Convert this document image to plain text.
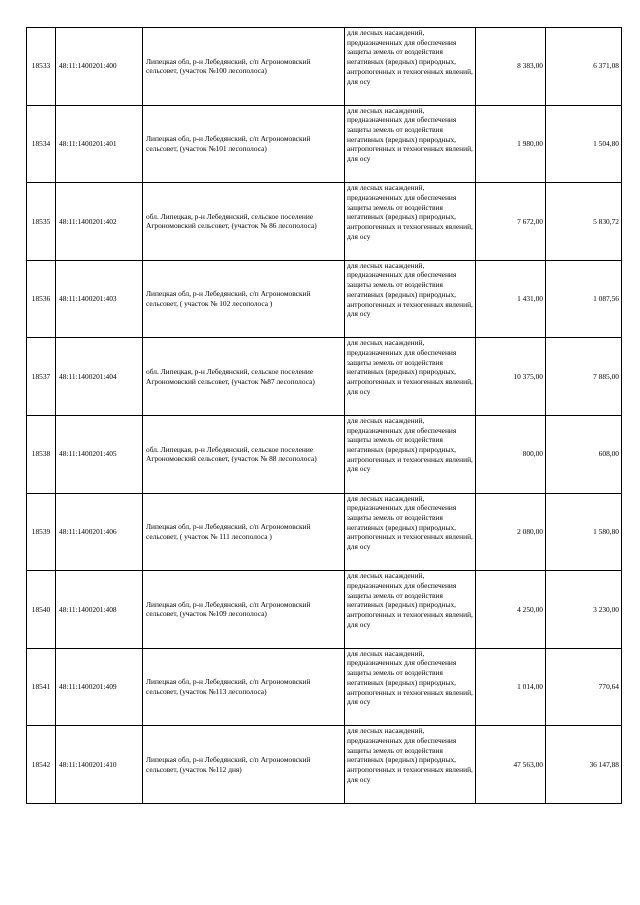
18533	48:11:1400201:400	Липецкая обл, р-н Лебедянский, с/п Агрономовский сельсовет, (участок №100 лесополоса)	для лесных насаждений, предназначенных для обеспечения защиты земель от воздействия негативных (вредных) природных, антропогенных и техногенных явлений, для осу	8 383,00	6 371,08
18534	48:11:1400201:401	Липецкая обл, р-н Лебедянский, с/п Агрономовский сельсовет, (участок №101 лесополоса)	для лесных насаждений, предназначенных для обеспечения защиты земель от воздействия негативных (вредных) природных, антропогенных и техногенных явлений, для осу	1 980,00	1 504,80
18535	48:11:1400201:402	обл. Липецкая, р-н Лебедянский, сельское поселение Агрономовский сельсовет, (участок № 86 лесополоса)	для лесных насаждений, предназначенных для обеспечения защиты земель от воздействия негативных (вредных) природных, антропогенных и техногенных явлений, для осу	7 672,00	5 830,72
18536	48:11:1400201:403	Липецкая обл, р-н Лебедянский, с/п Агрономовский сельсовет, ( участок № 102 лесополоса )	для лесных насаждений, предназначенных для обеспечения защиты земель от воздействия негативных (вредных) природных, антропогенных и техногенных явлений, для осу	1 431,00	1 087,56
18537	48:11:1400201:404	обл. Липецкая, р-н Лебедянский, сельское поселение Агрономовский сельсовет, (участок №87 лесополоса)	для лесных насаждений, предназначенных для обеспечения защиты земель от воздействия негативных (вредных) природных, антропогенных и техногенных явлений, для осу	10 375,00	7 885,00
18538	48:11:1400201:405	обл. Липецкая, р-н Лебедянский, сельское поселение Агрономовский сельсовет, (участок № 88 лесополоса)	для лесных насаждений, предназначенных для обеспечения защиты земель от воздействия негативных (вредных) природных, антропогенных и техногенных явлений, для осу	800,00	608,00
18539	48:11:1400201:406	Липецкая обл, р-н Лебедянский, с/п Агрономовский сельсовет, ( участок № 111 лесополоса )	для лесных насаждений, предназначенных для обеспечения защиты земель от воздействия негативных (вредных) природных, антропогенных и техногенных явлений, для осу	2 080,00	1 580,80
18540	48:11:1400201:408	Липецкая обл, р-н Лебедянский, с/п Агрономовский сельсовет, (участок №109 лесополоса)	для лесных насаждений, предназначенных для обеспечения защиты земель от воздействия негативных (вредных) природных, антропогенных и техногенных явлений, для осу	4 250,00	3 230,00
18541	48:11:1400201:409	Липецкая обл, р-н Лебедянский, с/п Агрономовский сельсовет, (участок №113 лесополоса)	для лесных насаждений, предназначенных для обеспечения защиты земель от воздействия негативных (вредных) природных, антропогенных и техногенных явлений, для осу	1 014,00	770,64
18542	48:11:1400201:410	Липецкая обл, р-н Лебедянский, с/п Агрономовский сельсовет, (участок №112 дня)	для лесных насаждений, предназначенных для обеспечения защиты земель от воздействия негативных (вредных) природных, антропогенных и техногенных явлений, для осу	47 563,00	36 147,88
